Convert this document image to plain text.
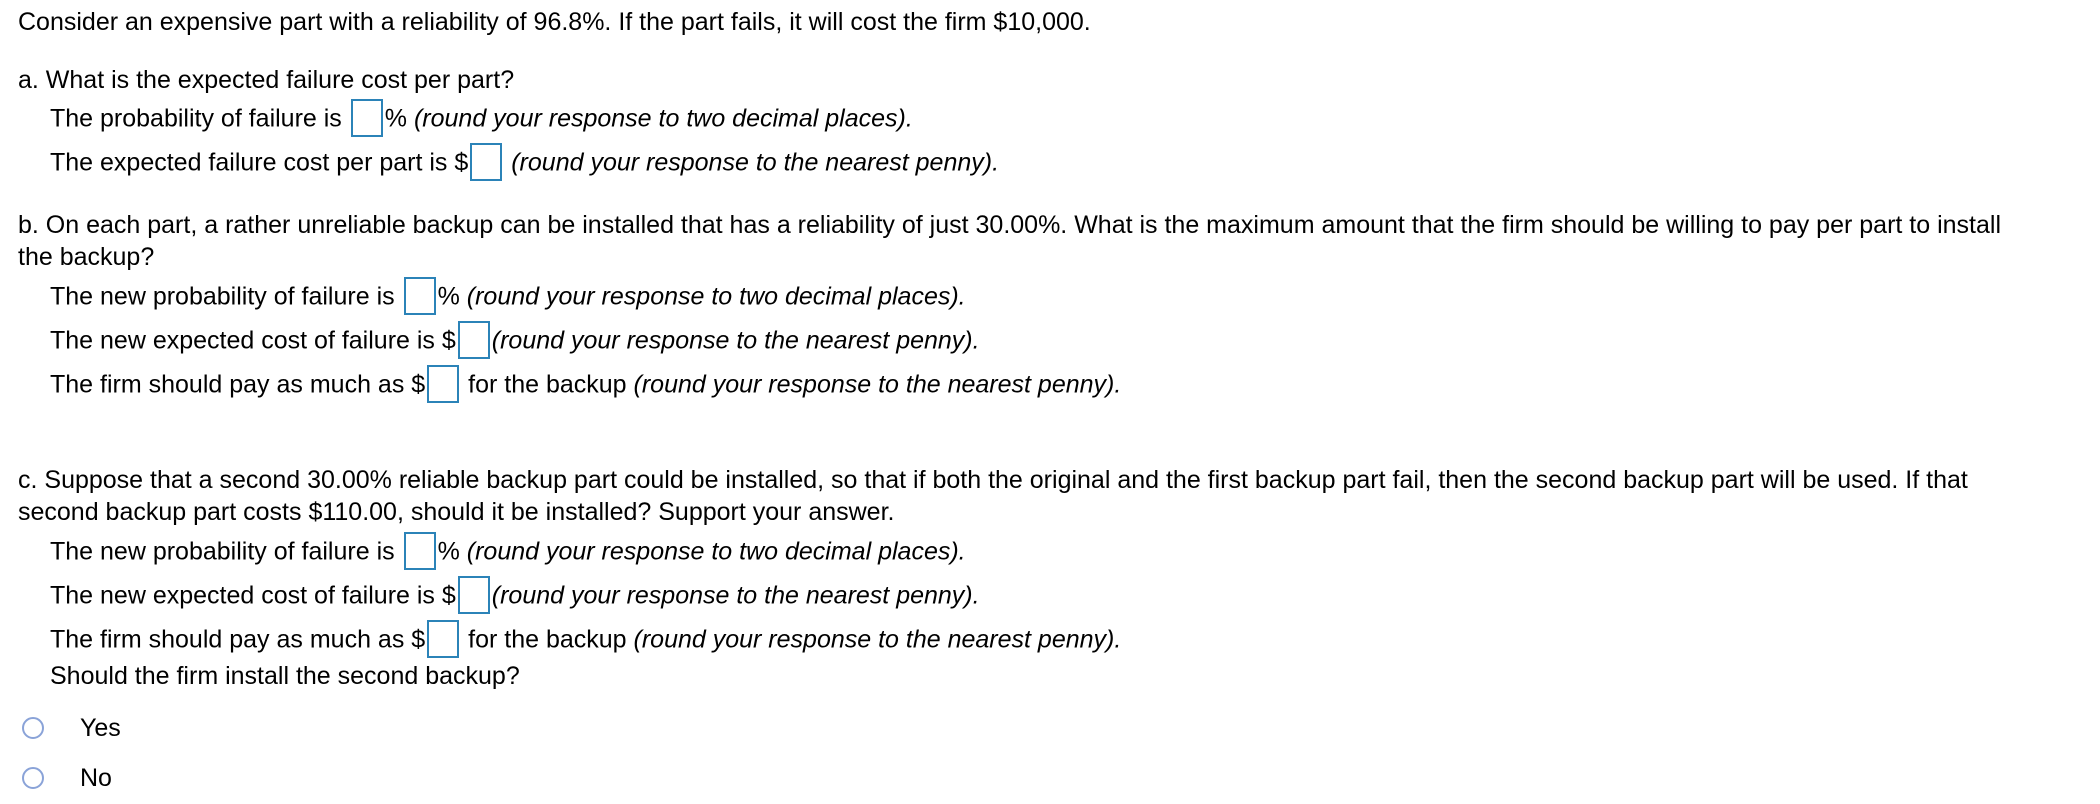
Consider an expensive part with a reliability of 96.8%. If the part fails, it will cost the firm $10,000.
a. What is the expected failure cost per part?
The probability of failure is % (round your response to two decimal places).
The expected failure cost per part is $ (round your response to the nearest penny).
b. On each part, a rather unreliable backup can be installed that has a reliability of just 30.00%. What is the maximum amount that the firm should be willing to pay per part to install
the backup?
The new probability of failure is % (round your response to two decimal places).
The new expected cost of failure is $ (round your response to the nearest penny).
The firm should pay as much as $ for the backup (round your response to the nearest penny).
c. Suppose that a second 30.00% reliable backup part could be installed, so that if both the original and the first backup part fail, then the second backup part will be used. If that
second backup part costs $110.00, should it be installed? Support your answer.
The new probability of failure is % (round your response to two decimal places).
The new expected cost of failure is $ (round your response to the nearest penny).
The firm should pay as much as $ for the backup (round your response to the nearest penny).
Should the firm install the second backup?
Yes
No
